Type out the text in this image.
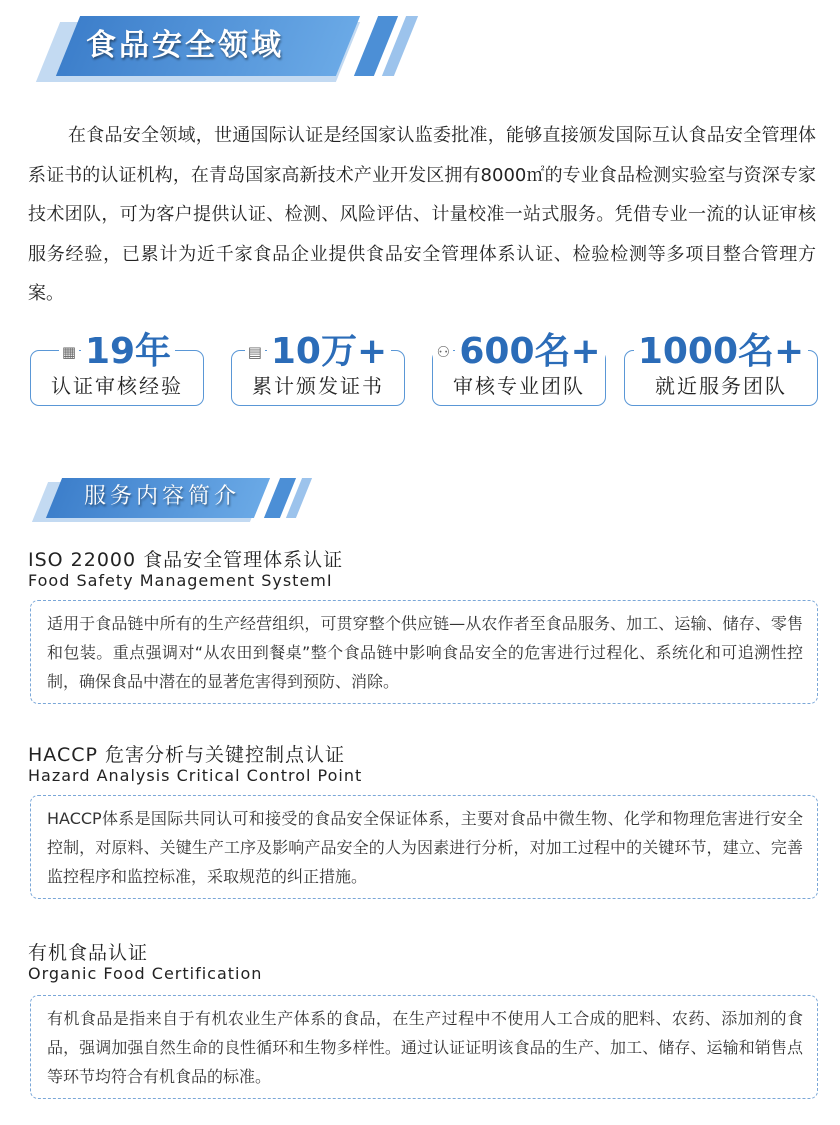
食品安全领域

在食品安全领域，世通国际认证是经国家认监委批准，能够直接颁发国际互认食品安全管理体系证书的认证机构，在青岛国家高新技术产业开发区拥有8000㎡的专业食品检测实验室与资深专家技术团队，可为客户提供认证、检测、风险评估、计量校准一站式服务。凭借专业一流的认证审核服务经验，已累计为近千家食品企业提供食品安全管理体系认证、检验检测等多项目整合管理方案。

▦ 19年
认证审核经验
▤ 10万+
累计颁发证书
⚇ 600名+
审核专业团队
1000名+
就近服务团队
服务内容简介
ISO 22000 食品安全管理体系认证
Food Safety Management SystemI

适用于食品链中所有的生产经营组织，可贯穿整个供应链—从农作者至食品服务、加工、运输、储存、零售和包装。重点强调对“从农田到餐桌”整个食品链中影响食品安全的危害进行过程化、系统化和可追溯性控制，确保食品中潜在的显著危害得到预防、消除。

HACCP 危害分析与关键控制点认证
Hazard Analysis Critical Control Point

HACCP体系是国际共同认可和接受的食品安全保证体系，主要对食品中微生物、化学和物理危害进行安全控制，对原料、关键生产工序及影响产品安全的人为因素进行分析，对加工过程中的关键环节，建立、完善监控程序和监控标准，采取规范的纠正措施。

有机食品认证
Organic Food Certification

有机食品是指来自于有机农业生产体系的食品，在生产过程中不使用人工合成的肥料、农药、添加剂的食品，强调加强自然生命的良性循环和生物多样性。通过认证证明该食品的生产、加工、储存、运输和销售点等环节均符合有机食品的标准。
